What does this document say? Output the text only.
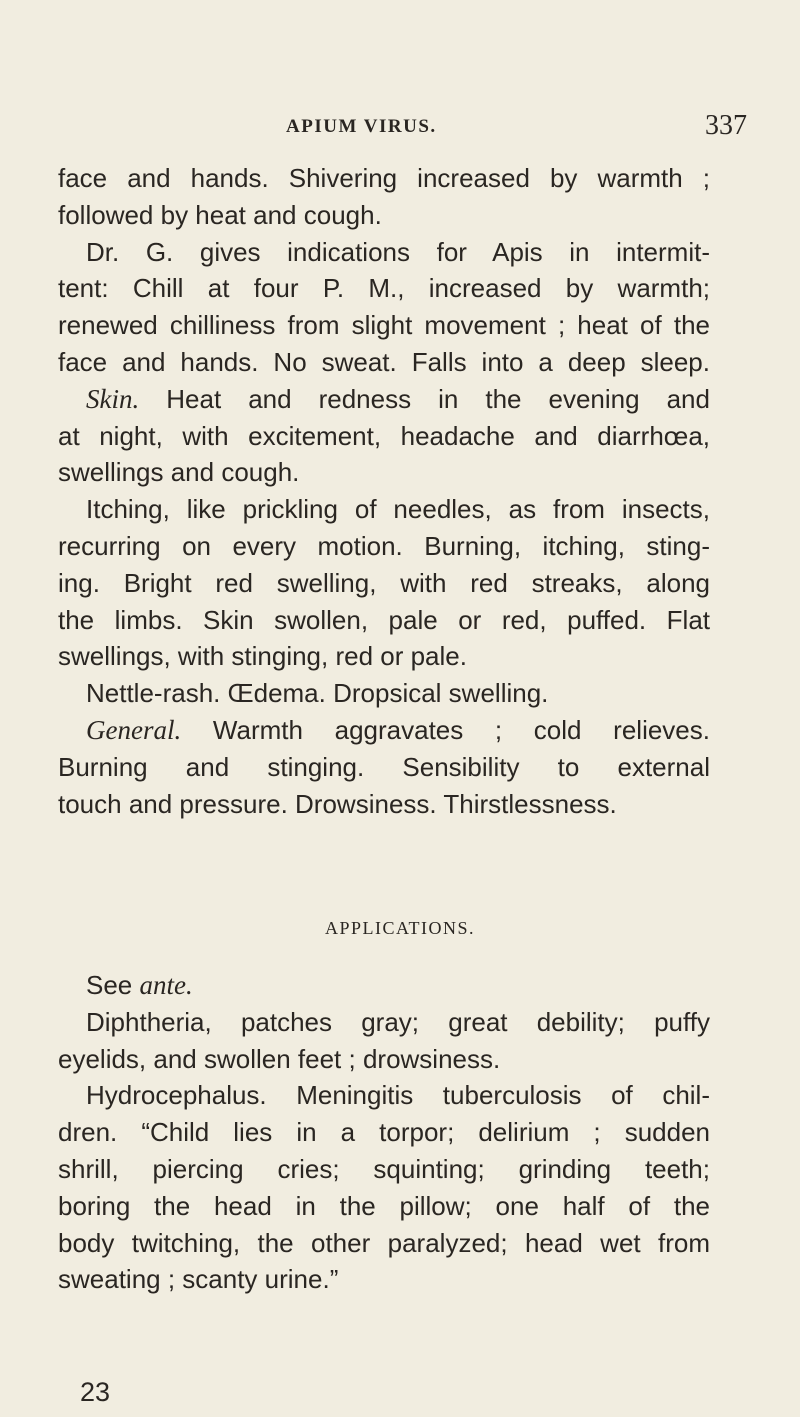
APIUM VIRUS.	337
face and hands. Shivering increased by warmth ;
followed by heat and cough.
Dr. G. gives indications for Apis in intermit-
tent: Chill at four P. M., increased by warmth;
renewed chilliness from slight movement ; heat of the
face and hands. No sweat. Falls into a deep sleep.
Skin. Heat and redness in the evening and
at night, with excitement, headache and diarrhœa,
swellings and cough.
Itching, like prickling of needles, as from insects,
recurring on every motion. Burning, itching, sting-
ing. Bright red swelling, with red streaks, along
the limbs. Skin swollen, pale or red, puffed. Flat
swellings, with stinging, red or pale.
Nettle-rash. Œdema. Dropsical swelling.
General. Warmth aggravates ; cold relieves.
Burning and stinging. Sensibility to external
touch and pressure. Drowsiness. Thirstlessness.
APPLICATIONS.
See ante.
Diphtheria, patches gray; great debility; puffy
eyelids, and swollen feet ; drowsiness.
Hydrocephalus. Meningitis tuberculosis of chil-
dren. “Child lies in a torpor; delirium ; sudden
shrill, piercing cries; squinting; grinding teeth;
boring the head in the pillow; one half of the
body twitching, the other paralyzed; head wet from
sweating ; scanty urine.”
23
